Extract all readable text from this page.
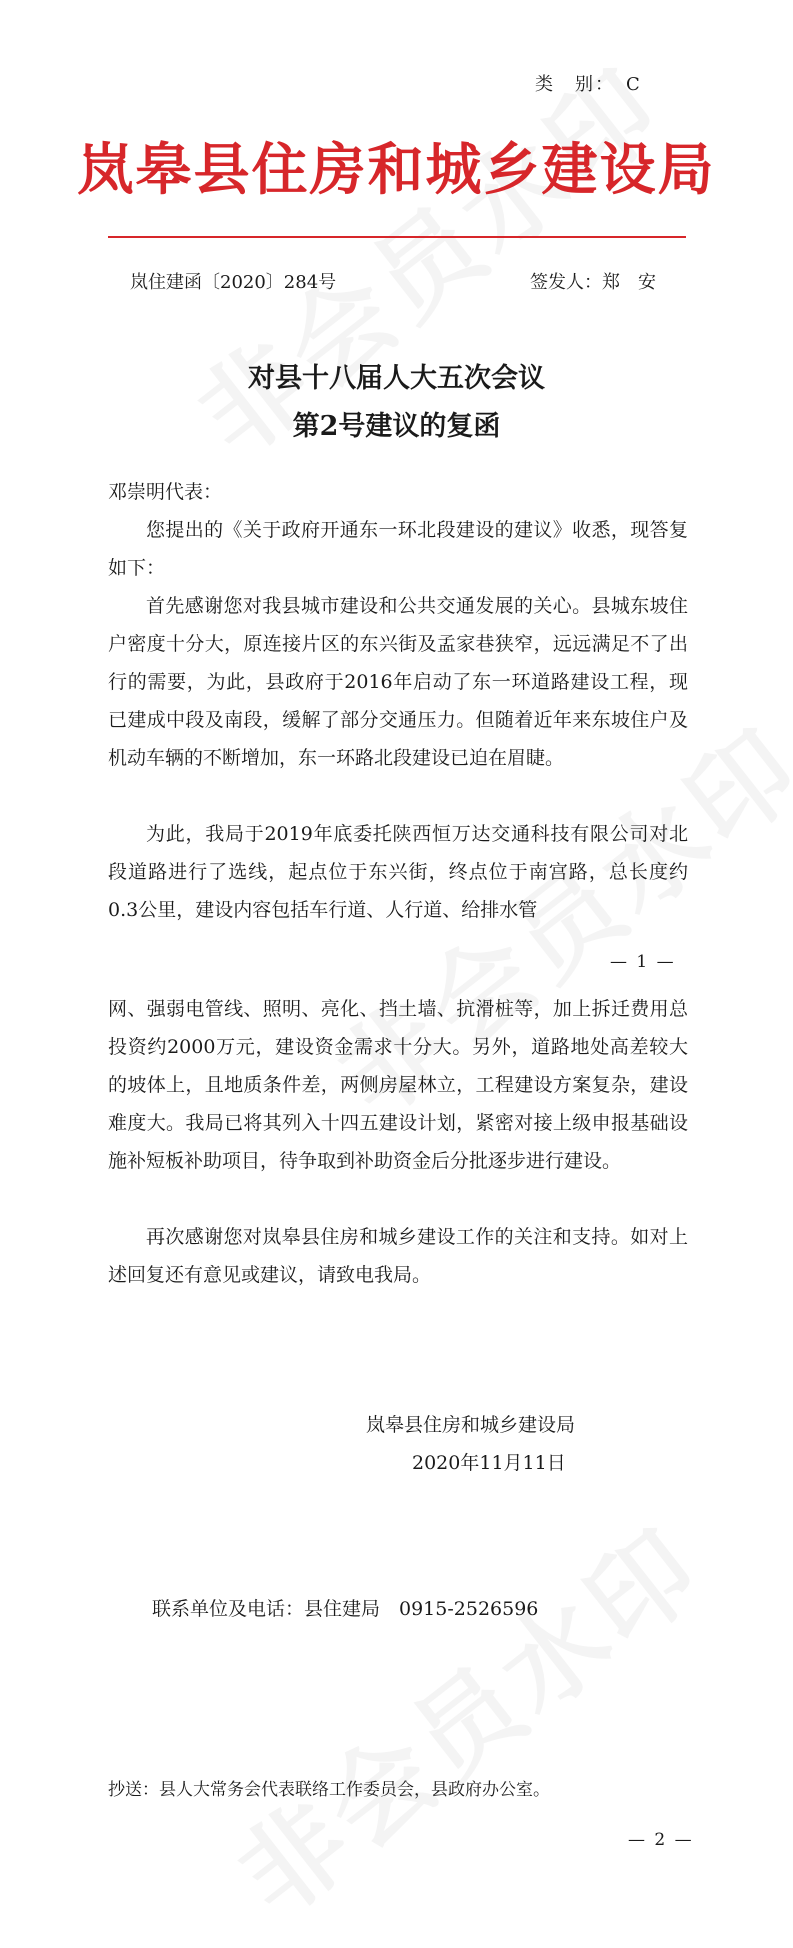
类　别：　C
岚皋县住房和城乡建设局
岚住建函〔2020〕284号	签发人：郑　安
对县十八届人大五次会议
第2号建议的复函
邓崇明代表：
您提出的《关于政府开通东一环北段建设的建议》收悉，现答复如下：
首先感谢您对我县城市建设和公共交通发展的关心。县城东坡住户密度十分大，原连接片区的东兴街及孟家巷狭窄，远远满足不了出行的需要，为此，县政府于2016年启动了东一环道路建设工程，现已建成中段及南段，缓解了部分交通压力。但随着近年来东坡住户及机动车辆的不断增加，东一环路北段建设已迫在眉睫。
为此，我局于2019年底委托陕西恒万达交通科技有限公司对北段道路进行了选线，起点位于东兴街，终点位于南宫路，总长度约0.3公里，建设内容包括车行道、人行道、给排水管
— 1 —
网、强弱电管线、照明、亮化、挡土墙、抗滑桩等，加上拆迁费用总投资约2000万元，建设资金需求十分大。另外，道路地处高差较大的坡体上，且地质条件差，两侧房屋林立，工程建设方案复杂，建设难度大。我局已将其列入十四五建设计划，紧密对接上级申报基础设施补短板补助项目，待争取到补助资金后分批逐步进行建设。
再次感谢您对岚皋县住房和城乡建设工作的关注和支持。如对上述回复还有意见或建议，请致电我局。
岚皋县住房和城乡建设局
2020年11月11日
联系单位及电话：县住建局　0915-2526596
抄送：县人大常务会代表联络工作委员会，县政府办公室。
— 2 —
